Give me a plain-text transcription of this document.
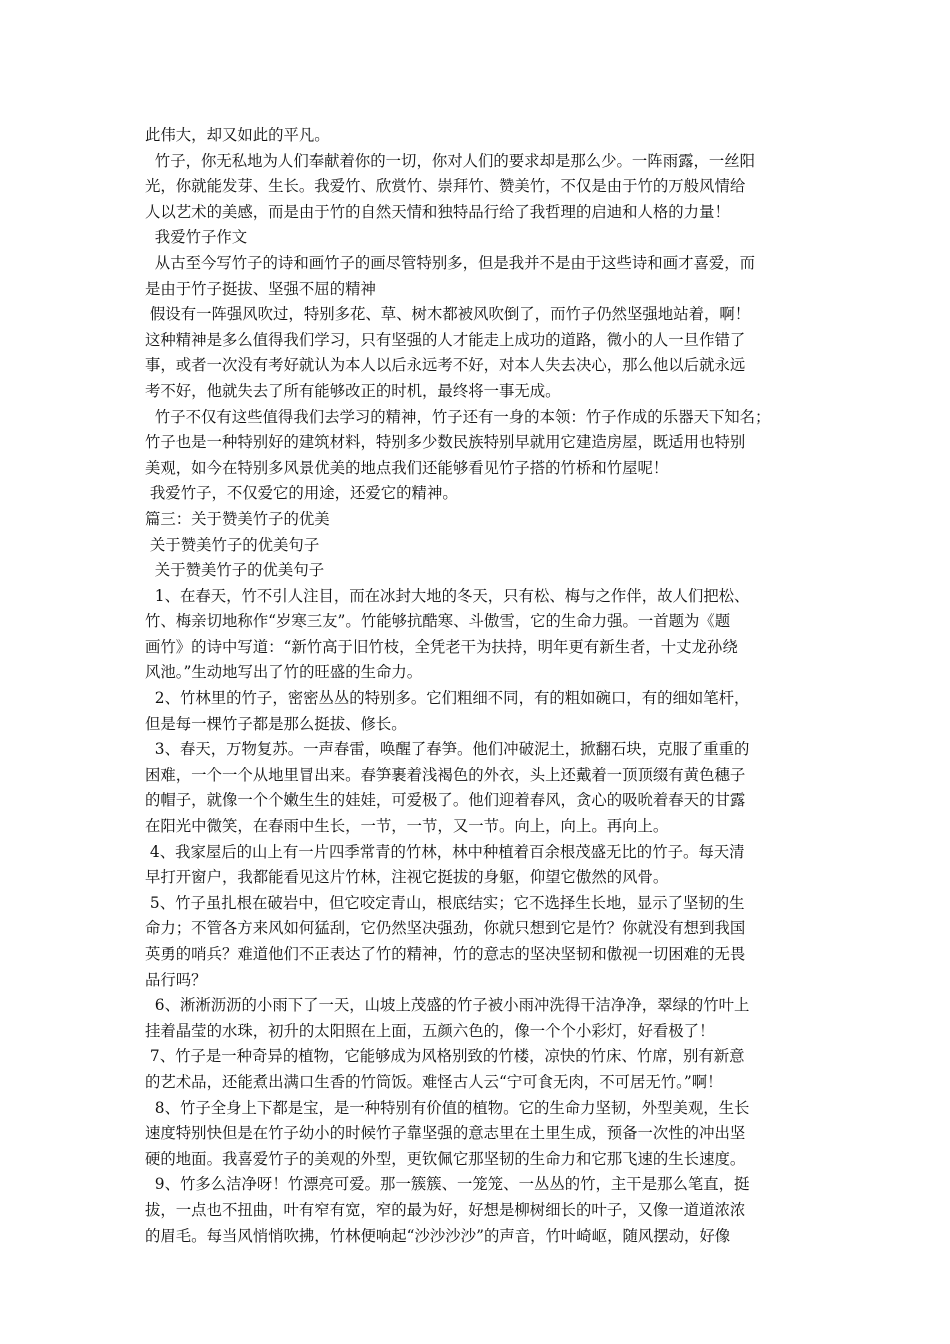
此伟大，却又如此的平凡。

竹子，你无私地为人们奉献着你的一切，你对人们的要求却是那么少。一阵雨露，一丝阳

光，你就能发芽、生长。我爱竹、欣赏竹、崇拜竹、赞美竹，不仅是由于竹的万般风情给

人以艺术的美感，而是由于竹的自然天情和独特品行给了我哲理的启迪和人格的力量！

我爱竹子作文

从古至今写竹子的诗和画竹子的画尽管特别多，但是我并不是由于这些诗和画才喜爱，而

是由于竹子挺拔、坚强不屈的精神

假设有一阵强风吹过，特别多花、草、树木都被风吹倒了，而竹子仍然坚强地站着，啊！

这种精神是多么值得我们学习，只有坚强的人才能走上成功的道路，微小的人一旦作错了

事，或者一次没有考好就认为本人以后永远考不好，对本人失去决心，那么他以后就永远

考不好，他就失去了所有能够改正的时机，最终将一事无成。

竹子不仅有这些值得我们去学习的精神，竹子还有一身的本领：竹子作成的乐器天下知名；

竹子也是一种特别好的建筑材料，特别多少数民族特别早就用它建造房屋，既适用也特别

美观，如今在特别多风景优美的地点我们还能够看见竹子搭的竹桥和竹屋呢！

我爱竹子，不仅爱它的用途，还爱它的精神。

篇三：关于赞美竹子的优美

关于赞美竹子的优美句子

关于赞美竹子的优美句子

1、在春天，竹不引人注目，而在冰封大地的冬天，只有松、梅与之作伴，故人们把松、

竹、梅亲切地称作“岁寒三友”。竹能够抗酷寒、斗傲雪，它的生命力强。一首题为《题

画竹》的诗中写道：“新竹高于旧竹枝，全凭老干为扶持，明年更有新生者，十丈龙孙绕

风池。”生动地写出了竹的旺盛的生命力。

2、竹林里的竹子，密密丛丛的特别多。它们粗细不同，有的粗如碗口，有的细如笔杆，

但是每一棵竹子都是那么挺拔、修长。

3、春天，万物复苏。一声春雷，唤醒了春笋。他们冲破泥土，掀翻石块，克服了重重的

困难，一个一个从地里冒出来。春笋裹着浅褐色的外衣，头上还戴着一顶顶缀有黄色穗子

的帽子，就像一个个嫩生生的娃娃，可爱极了。他们迎着春风，贪心的吸吮着春天的甘露

在阳光中微笑，在春雨中生长，一节，一节，又一节。向上，向上。再向上。

4、我家屋后的山上有一片四季常青的竹林，林中种植着百余根茂盛无比的竹子。每天清

早打开窗户，我都能看见这片竹林，注视它挺拔的身躯，仰望它傲然的风骨。

5、竹子虽扎根在破岩中，但它咬定青山，根底结实；它不选择生长地，显示了坚韧的生

命力；不管各方来风如何猛刮，它仍然坚决强劲，你就只想到它是竹？你就没有想到我国

英勇的哨兵？难道他们不正表达了竹的精神，竹的意志的坚决坚韧和傲视一切困难的无畏

品行吗？

6、淅淅沥沥的小雨下了一天，山坡上茂盛的竹子被小雨冲洗得干洁净净，翠绿的竹叶上

挂着晶莹的水珠，初升的太阳照在上面，五颜六色的，像一个个小彩灯，好看极了！

7、竹子是一种奇异的植物，它能够成为风格别致的竹楼，凉快的竹床、竹席，别有新意

的艺术品，还能煮出满口生香的竹筒饭。难怪古人云“宁可食无肉，不可居无竹。”啊！

8、竹子全身上下都是宝，是一种特别有价值的植物。它的生命力坚韧，外型美观，生长

速度特别快但是在竹子幼小的时候竹子靠坚强的意志里在土里生成，预备一次性的冲出坚

硬的地面。我喜爱竹子的美观的外型，更钦佩它那坚韧的生命力和它那飞速的生长速度。

9、竹多么洁净呀！竹漂亮可爱。那一簇簇、一笼笼、一丛丛的竹，主干是那么笔直，挺

拔，一点也不扭曲，叶有窄有宽，窄的最为好，好想是柳树细长的叶子，又像一道道浓浓

的眉毛。每当风悄悄吹拂，竹林便响起“沙沙沙沙”的声音，竹叶崎岖，随风摆动，好像
